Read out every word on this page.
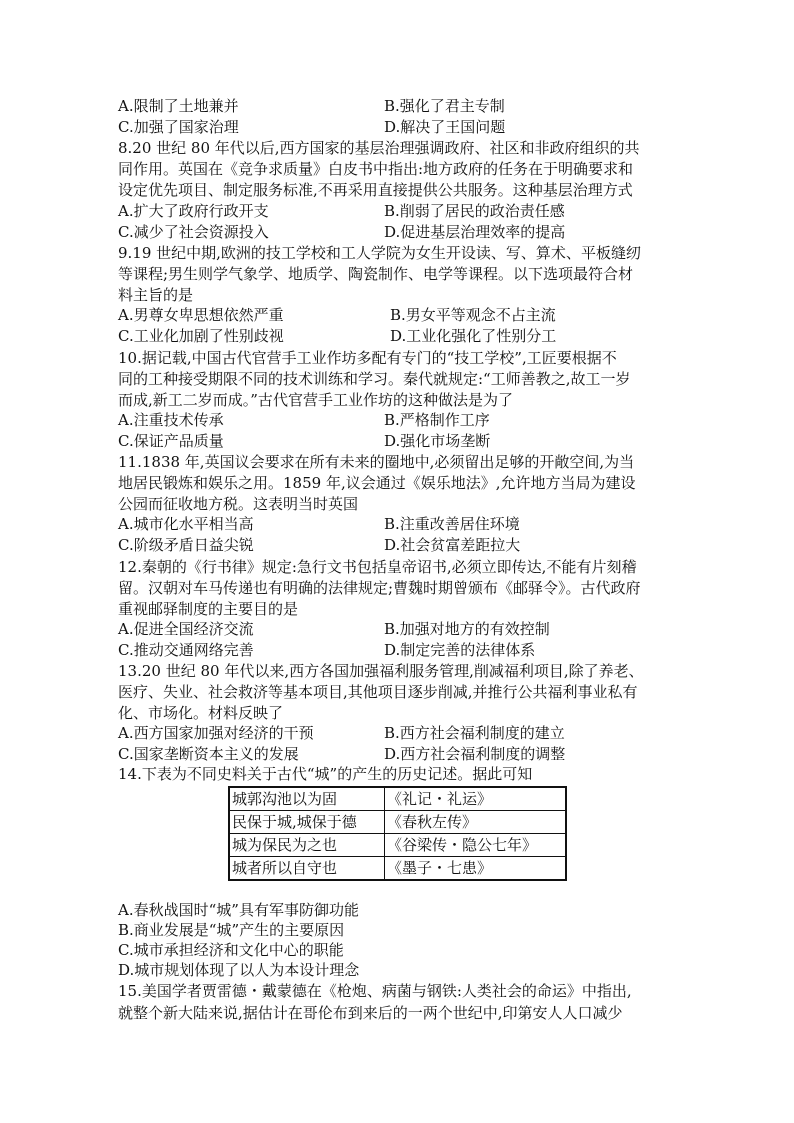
A.限制了土地兼并	B.强化了君主专制
C.加强了国家治理	D.解决了王国问题
8.20 世纪 80 年代以后,西方国家的基层治理强调政府、社区和非政府组织的共
同作用。英国在《竞争求质量》白皮书中指出:地方政府的任务在于明确要求和
设定优先项目、制定服务标准,不再采用直接提供公共服务。这种基层治理方式
A.扩大了政府行政开支	B.削弱了居民的政治责任感
C.减少了社会资源投入	D.促进基层治理效率的提高
9.19 世纪中期,欧洲的技工学校和工人学院为女生开设读、写、算术、平板缝纫
等课程;男生则学气象学、地质学、陶瓷制作、电学等课程。以下选项最符合材
料主旨的是
A.男尊女卑思想依然严重	B.男女平等观念不占主流
C.工业化加剧了性别歧视	D.工业化强化了性别分工
10.据记载,中国古代官营手工业作坊多配有专门的“技工学校”,工匠要根据不
同的工种接受期限不同的技术训练和学习。秦代就规定:“工师善教之,故工一岁
而成,新工二岁而成。”古代官营手工业作坊的这种做法是为了
A.注重技术传承	B.严格制作工序
C.保证产品质量	D.强化市场垄断
11.1838 年,英国议会要求在所有未来的圈地中,必须留出足够的开敞空间,为当
地居民锻炼和娱乐之用。1859 年,议会通过《娱乐地法》,允许地方当局为建设
公园而征收地方税。这表明当时英国
A.城市化水平相当高	B.注重改善居住环境
C.阶级矛盾日益尖锐	D.社会贫富差距拉大
12.秦朝的《行书律》规定:急行文书包括皇帝诏书,必须立即传达,不能有片刻稽
留。汉朝对车马传递也有明确的法律规定;曹魏时期曾颁布《邮驿令》。古代政府
重视邮驿制度的主要目的是
A.促进全国经济交流	B.加强对地方的有效控制
C.推动交通网络完善	D.制定完善的法律体系
13.20 世纪 80 年代以来,西方各国加强福利服务管理,削减福利项目,除了养老、
医疗、失业、社会救济等基本项目,其他项目逐步削减,并推行公共福利事业私有
化、市场化。材料反映了
A.西方国家加强对经济的干预	B.西方社会福利制度的建立
C.国家垄断资本主义的发展	D.西方社会福利制度的调整
14.下表为不同史料关于古代“城”的产生的历史记述。据此可知
城郭沟池以为固	《礼记・礼运》
民保于城,城保于德	《春秋左传》
城为保民为之也	《谷梁传・隐公七年》
城者所以自守也	《墨子・七患》
A.春秋战国时“城”具有军事防御功能
B.商业发展是“城”产生的主要原因
C.城市承担经济和文化中心的职能
D.城市规划体现了以人为本设计理念
15.美国学者贾雷德・戴蒙德在《枪炮、病菌与钢铁:人类社会的命运》中指出,
就整个新大陆来说,据估计在哥伦布到来后的一两个世纪中,印第安人人口减少
